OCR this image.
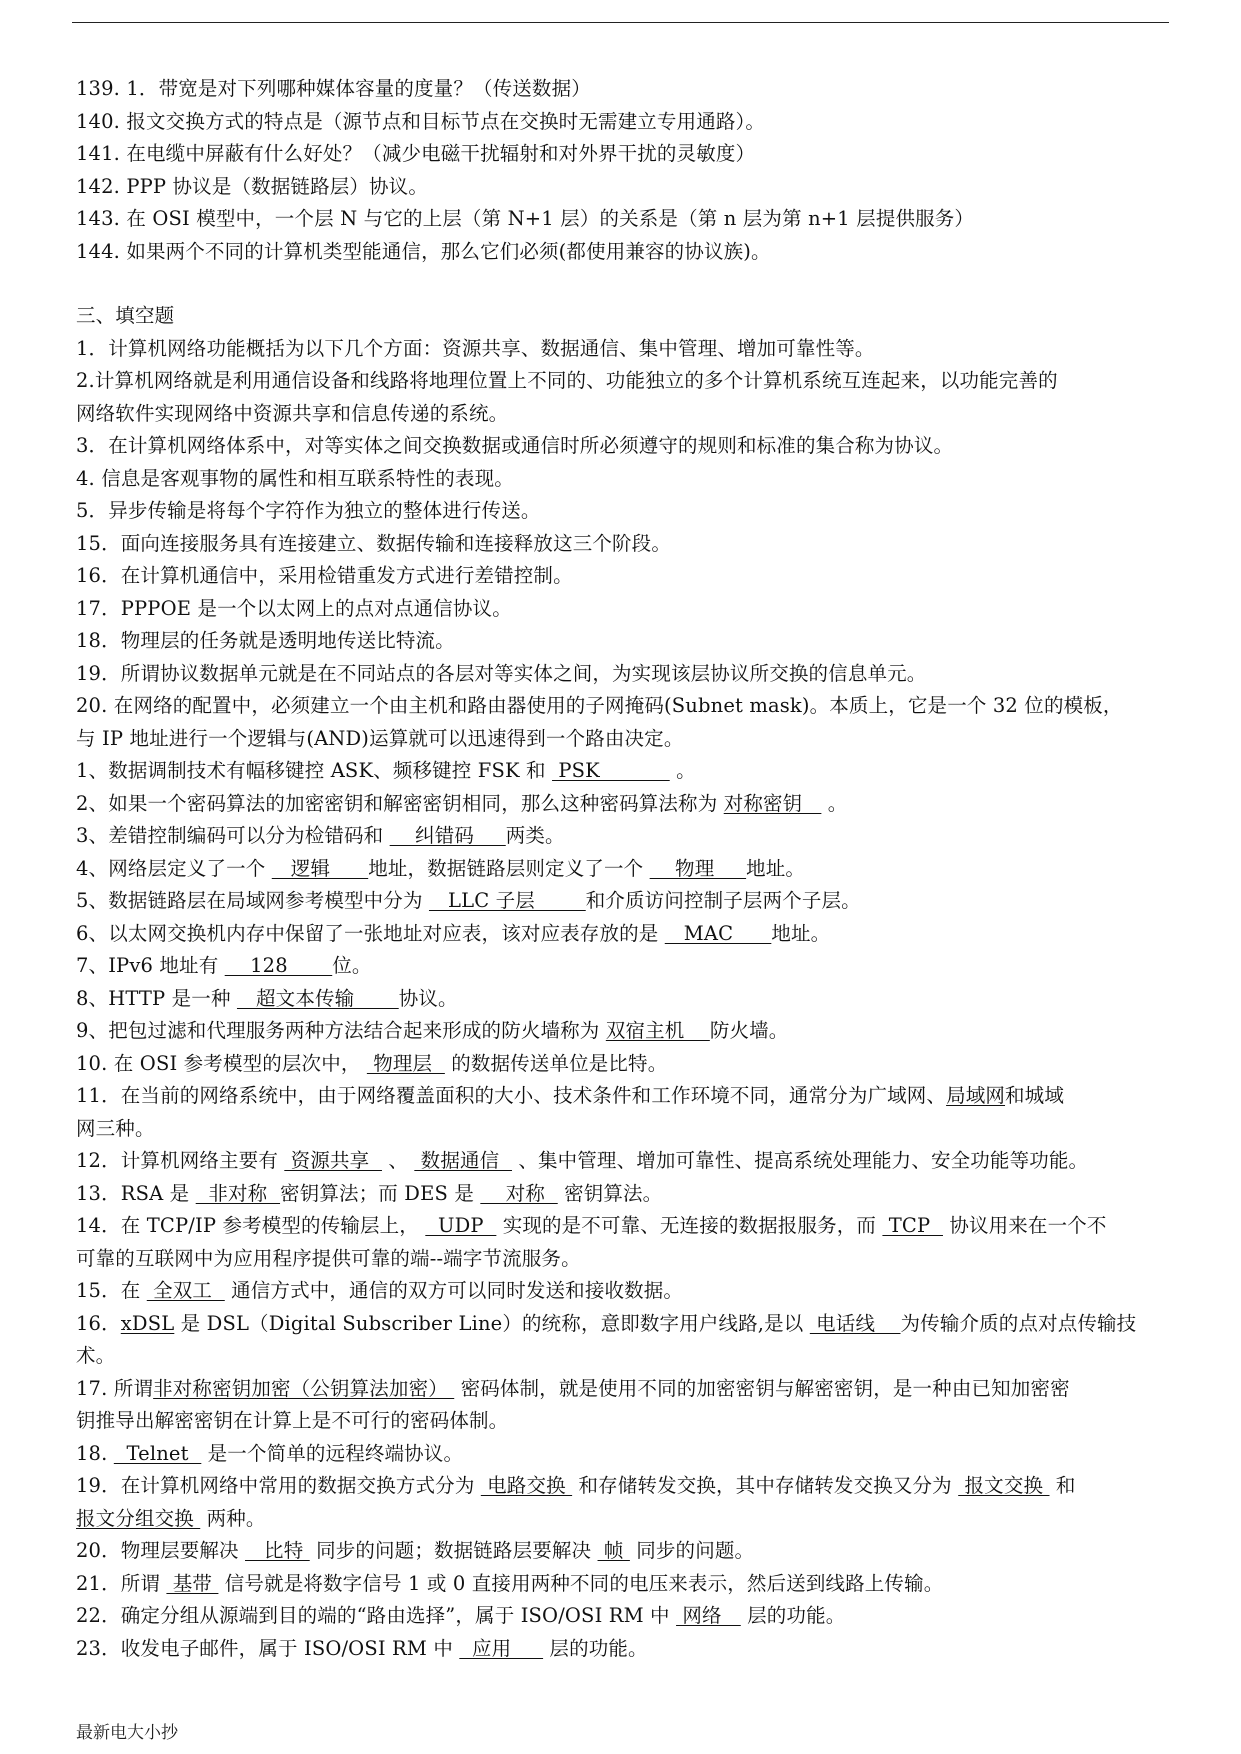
139. 1．带宽是对下列哪种媒体容量的度量？（传送数据）

140. 报文交换方式的特点是（源节点和目标节点在交换时无需建立专用通路）。

141. 在电缆中屏蔽有什么好处？（减少电磁干扰辐射和对外界干扰的灵敏度）

142. PPP 协议是（数据链路层）协议。

143. 在 OSI 模型中，一个层 N 与它的上层（第 N+1 层）的关系是（第 n 层为第 n+1 层提供服务）

144. 如果两个不同的计算机类型能通信，那么它们必须(都使用兼容的协议族)。

三、填空题

1．计算机网络功能概括为以下几个方面：资源共享、数据通信、集中管理、增加可靠性等。

2.计算机网络就是利用通信设备和线路将地理位置上不同的、功能独立的多个计算机系统互连起来，以功能完善的

网络软件实现网络中资源共享和信息传递的系统。

3．在计算机网络体系中，对等实体之间交换数据或通信时所必须遵守的规则和标准的集合称为协议。

4. 信息是客观事物的属性和相互联系特性的表现。

5．异步传输是将每个字符作为独立的整体进行传送。

15．面向连接服务具有连接建立、数据传输和连接释放这三个阶段。

16．在计算机通信中，采用检错重发方式进行差错控制。

17．PPPOE 是一个以太网上的点对点通信协议。

18．物理层的任务就是透明地传送比特流。

19．所谓协议数据单元就是在不同站点的各层对等实体之间，为实现该层协议所交换的信息单元。

20. 在网络的配置中，必须建立一个由主机和路由器使用的子网掩码(Subnet mask)。本质上，它是一个 32 位的模板，

与 IP 地址进行一个逻辑与(AND)运算就可以迅速得到一个路由决定。

1、数据调制技术有幅移键控 ASK、频移键控 FSK 和  PSK            。

2、如果一个密码算法的加密密钥和解密密钥相同，那么这种密码算法称为 对称密钥    。

3、差错控制编码可以分为检错码和     纠错码     两类。

4、网络层定义了一个    逻辑      地址，数据链路层则定义了一个     物理     地址。

5、数据链路层在局域网参考模型中分为    LLC 子层        和介质访问控制子层两个子层。

6、以太网交换机内存中保留了一张地址对应表，该对应表存放的是    MAC      地址。

7、IPv6 地址有     128       位。

8、HTTP 是一种    超文本传输       协议。

9、把包过滤和代理服务两种方法结合起来形成的防火墙称为 双宿主机    防火墙。

10. 在 OSI 参考模型的层次中，  物理层   的数据传送单位是比特。

11．在当前的网络系统中，由于网络覆盖面积的大小、技术条件和工作环境不同，通常分为广域网、局域网和城域

网三种。

12．计算机网络主要有  资源共享   、  数据通信   、集中管理、增加可靠性、提高系统处理能力、安全功能等功能。

13．RSA 是   非对称  密钥算法；而 DES 是     对称   密钥算法。

14．在 TCP/IP 参考模型的传输层上，   UDP   实现的是不可靠、无连接的数据报服务，而  TCP   协议用来在一个不

可靠的互联网中为应用程序提供可靠的端--端字节流服务。

15．在  全双工   通信方式中，通信的双方可以同时发送和接收数据。

16．xDSL 是 DSL（Digital Subscriber Line）的统称，意即数字用户线路,是以  电话线    为传输介质的点对点传输技

术。

17. 所谓非对称密钥加密（公钥算法加密）  密码体制，就是使用不同的加密密钥与解密密钥，是一种由已知加密密

钥推导出解密密钥在计算上是不可行的密码体制。

18.   Telnet   是一个简单的远程终端协议。

19．在计算机网络中常用的数据交换方式分为  电路交换  和存储转发交换，其中存储转发交换又分为  报文交换  和

报文分组交换  两种。

20．物理层要解决    比特  同步的问题；数据链路层要解决  帧  同步的问题。

21．所谓  基带  信号就是将数字信号 1 或 0 直接用两种不同的电压来表示，然后送到线路上传输。

22．确定分组从源端到目的端的“路由选择”，属于 ISO/OSI RM 中  网络    层的功能。

23．收发电子邮件，属于 ISO/OSI RM 中   应用      层的功能。

最新电大小抄
